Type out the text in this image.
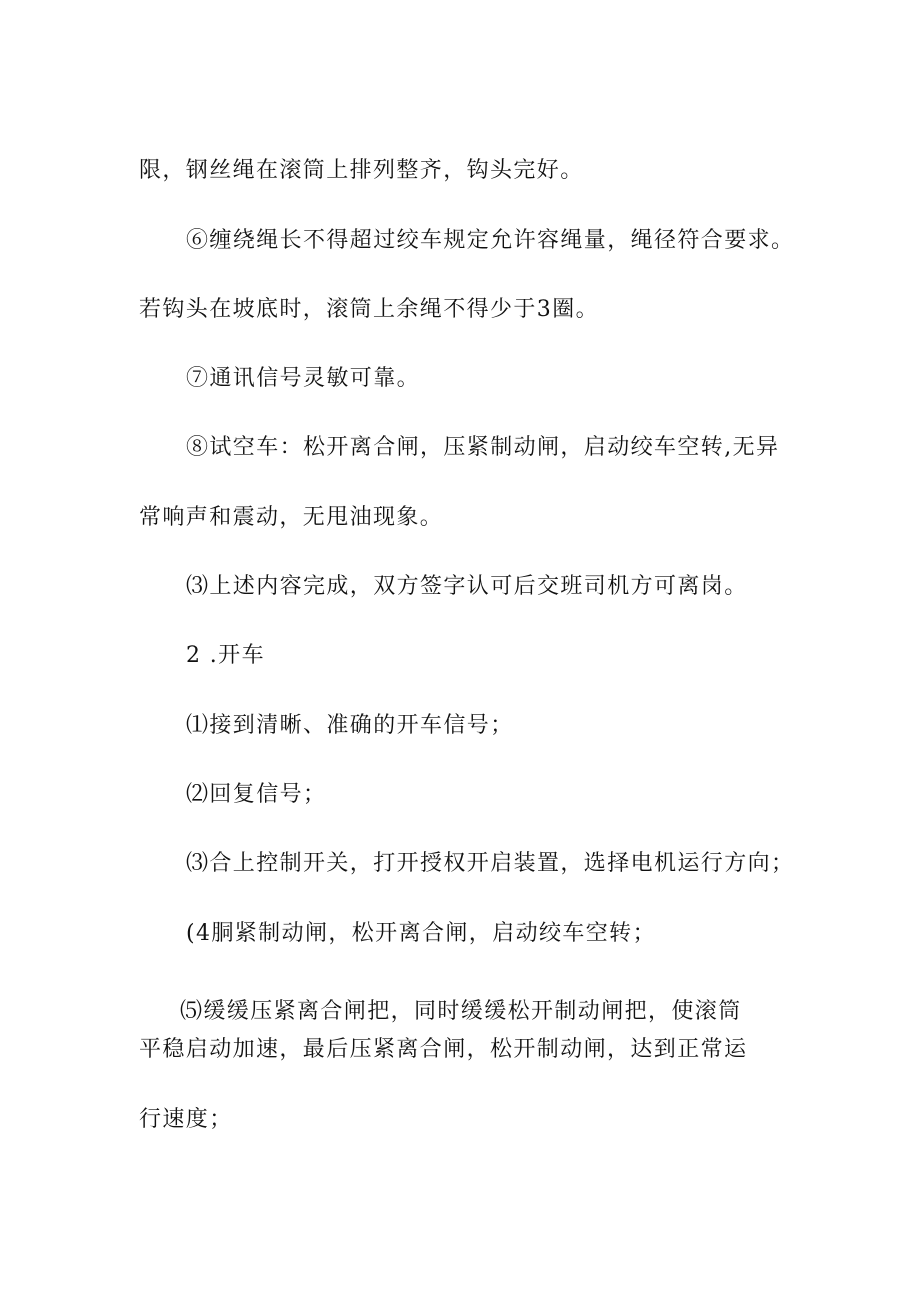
限，钢丝绳在滚筒上排列整齐，钩头完好。

⑥缠绕绳长不得超过绞车规定允许容绳量，绳径符合要求。

若钩头在坡底时，滚筒上余绳不得少于3圈。

⑦通讯信号灵敏可靠。

⑧试空车：松开离合闸，压紧制动闸，启动绞车空转,无异

常响声和震动，无甩油现象。

⑶上述内容完成，双方签字认可后交班司机方可离岗。

2 .开车

⑴接到清晰、准确的开车信号；

⑵回复信号；

⑶合上控制开关，打开授权开启装置，选择电机运行方向；

(4胴紧制动闸，松开离合闸，启动绞车空转；

⑸缓缓压紧离合闸把，同时缓缓松开制动闸把，使滚筒

平稳启动加速，最后压紧离合闸，松开制动闸，达到正常运

行速度；
